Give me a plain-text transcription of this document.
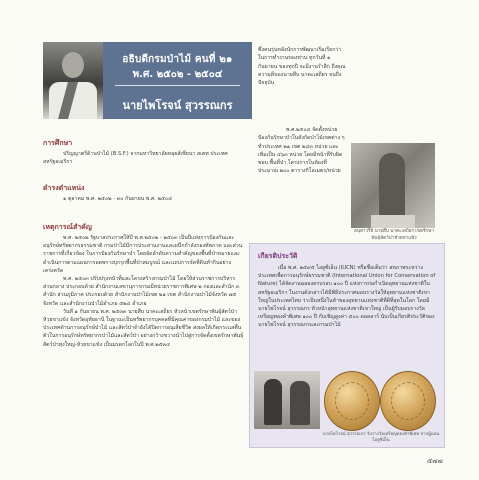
อธิบดีกรมป่าไม้ คนที่ ๒๑
พ.ศ. ๒๕๐๒ - ๒๕๐๔
นายไพโรจน์ สุวรรณกร
การศึกษา
ปริญญาตรีด้านป่าไม้ (B.S.F.) จากมหาวิทยาลัยหลุยส์เซียนา สเตท ประเทศสหรัฐอเมริกา
ดำรงตำแหน่ง
๑ ตุลาคม พ.ศ. ๒๕๐๒ - ๓๐ กันยายน พ.ศ. ๒๕๐๔
เหตุการณ์สำคัญ

พ.ศ. ๒๕๐๒ รัฐบาลประกาศให้ปี พ.ศ.๒๕๐๒ - ๒๕๐๓ เป็นปีแห่งการป้องกันและอนุรักษ์ทรัพยากรธรรมชาติ กรมป่าไม้มีการประสานงานและผนึกกำลังกองทัพภาค และส่วนราชการที่เกี่ยวข้อง ในการป้องกันรักษาป่า โดยจัดลำดับความสำคัญของพื้นที่ป่าหมายและดำเนินการตามแผนการลดพรางบุกรุกพื้นที่ป่าสมบูรณ์ และแถบการจัดที่ดินทำกินอย่างเคร่งครัด

พ.ศ. ๒๕๐๓ ปรับปรุงหน้าที่และโครงสร้างกรมป่าไม้ โดยให้ส่วนราชการบริหารส่วนกลาง ประกอบด้วย สำนักงานเลขานุการกรมมีหน่วยราชการพิเศษ ๒ กองและสำนัก ๓ สำนัก ส่วนภูมิภาค ประกอบด้วย สำนักงานป่าไม้เขต ๒๑ เขต สำนักงานป่าไม้จังหวัด ๗๕ จังหวัด และสำนักงานป่าไม้อำเภอ ๕๒๔ อำเภอ

วันที่ ๑ กันยายน พ.ศ. ๒๕๓๓ นายสืบ นาคะเสถียร หัวหน้าเขตรักษาพันธุ์สัตว์ป่าห้วยขาแข้ง จังหวัดอุทัยธานี ในฐานะเป็นทรัพยากรบุคคลที่มีคุณค่าของกรมป่าไม้ และของประเทศด้านการอนุรักษ์ป่าไม้ และสัตว์ป่าจำยังได้ปิดการอนุเสียชีวิต ส่งผลให้เกิดกระแสตื่นตัวในการอนุรักษ์ทรัพยากรป่าไม้และสัตว์ป่า อย่างกว้างขวางนำไปสู่การจัดตั้งเขตรักษาพันธุ์สัตว์ป่าทุ่งใหญ่-ห้วยขาแข้ง เป็นมรดกโลกในปี พ.ศ.๒๕๓๔

ซึ่งคนรุ่นหลังนักการพัฒนาเริ่มเรียกว่า ในการทำงานของท่าน ทุกวันที่ ๑ กันยายน ของทุกปี จะมีงานรำลึก ถึงคุณความดีของนายสืบ นาคะเสถียร จนถึงปัจจุบัน
พ.ศ.๒๕๐๔ จัดตั้งหน่วยป้องกันรักษาป่าในสังกัดป่าไม้เขตต่าง ๆ ทั่วประเทศ ๒๑ เขต ๒๔๓ หน่วย และเพิ่มเป็น ๔๖๓ หน่วย โดยมีหน้าที่รับผิดชอบ พื้นที่ป่า โครงการในท้องที่ประมาณ ๒๐๐ ตารางกิโลเมตร/หน่วย
อนุสาวรีย์ นายสืบ นาคะเสถียร เขตรักษาพันธุ์สัตว์ป่าห้วยขาแข้ง
เกียรติประวัติ
เมื่อ พ.ศ. ๒๕๙๕ ไอยูซีเอ็น (IUCN) หรือชื่อเต็มว่า สหภาพระหว่างประเทศเพื่อการอนุรักษ์ธรรมชาติ (International Union for Conservation of Nature) ได้จัดงานฉลองครบรอบ ๑๐๐ ปี แห่งการก่อกำเนิดอุทยานแห่งชาติในสหรัฐอเมริกา ในงานดังกล่าวได้มีพิธีประกาศมอบรางวัลให้อุทยานแห่งชาติเขาใหญ่ในประเทศไทย ว่าเป็นหนึ่งในห้าของอุทยานแห่งชาติที่ดีที่สุดในโลก โดยมีนายไพโรจน์ สุวรรณกร หัวหน้าอุทยานแห่งชาติเขาใหญ่ เป็นผู้รับมอบรางวัลเหรียญทองคำพิเศษ ๑๐๐ ปี กับเชิญสูงค่า ๕๐๐ ดอลลาร์ นับเป็นเกียรติประวัติของ นายไพโรจน์ สุวรรณกรและกรมป่าไม้
นายไพโรจน์ สุวรรณกร รับรางวัลเหรียญทองคำพิเศษ จากผู้แทน ไอยูซีเอ็น
๕๗๗
